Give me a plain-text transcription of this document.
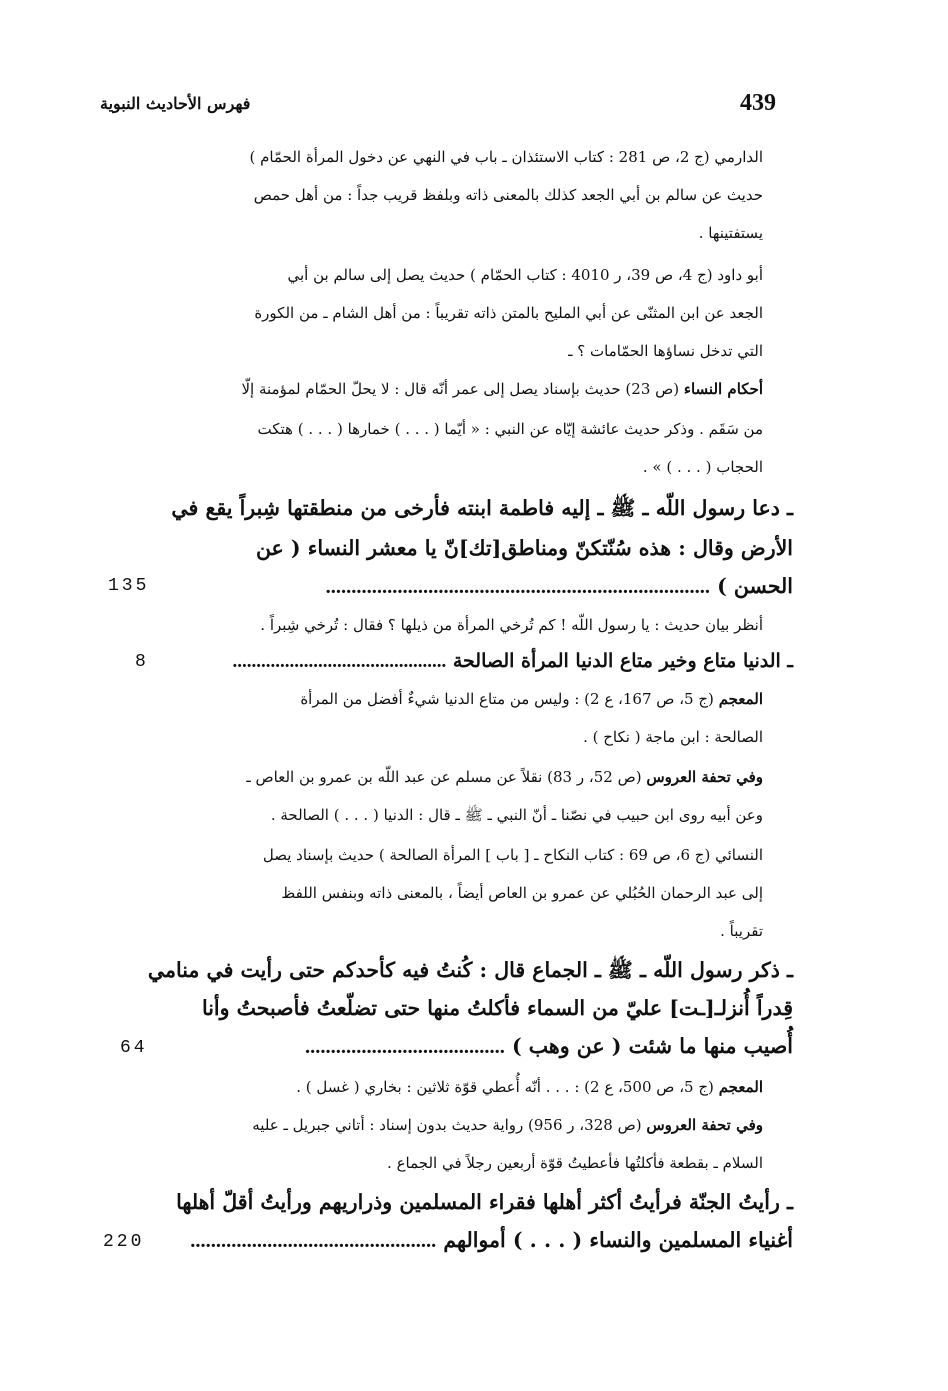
439
فهرس الأحاديث النبوية
الدارمي (ج 2، ص 281 : كتاب الاستئذان ـ باب في النهي عن دخول المرأة الحمّام )
حديث عن سالم بن أبي الجعد كذلك بالمعنى ذاته وبلفظ قريب جداً : من أهل حمص
يستفتينها .
أبو داود (ج 4، ص 39، ر 4010 : كتاب الحمّام ) حديث يصل إلى سالم بن أبي
الجعد عن ابن المثنّى عن أبي المليح بالمتن ذاته تقريباً : من أهل الشام ـ من الكورة
التي تدخل نساؤها الحمّامات ؟ ـ
أحكام النساء (ص 23) حديث بإسناد يصل إلى عمر أنّه قال : لا يحلّ الحمّام لمؤمنة إلّا
من سَقَم . وذكر حديث عائشة إيّاه عن النبي : « أيّما ( . . . ) خمارها ( . . . ) هتكت
الحجاب ( . . . ) » .
ـ دعا رسول اللّه ـ ﷺ ـ إليه فاطمة ابنته فأرخى من منطقتها شِبراً يقع في
الأرض وقال : هذه سُنّتكنّ ومناطق[تك]نّ يا معشر النساء ( عن
الحسن ) ...........................................................................
135
أنظر بيان حديث : يا رسول اللّه ! كم تُرخي المرأة من ذيلها ؟ فقال : تُرخي شِبراً .
ـ الدنيا متاع وخير متاع الدنيا المرأة الصالحة .............................................
8
المعجم (ج 5، ص 167، ع 2) : وليس من متاع الدنيا شيءٌ أفضل من المرأة
الصالحة : ابن ماجة ( نكاح ) .
وفي تحفة العروس (ص 52، ر 83) نقلاً عن مسلم عن عبد اللّه بن عمرو بن العاص ـ
وعن أبيه روى ابن حبيب في نصّنا ـ أنّ النبي ـ ﷺ ـ قال : الدنيا ( . . . ) الصالحة .
النسائي (ج 6، ص 69 : كتاب النكاح ـ [ باب ] المرأة الصالحة ) حديث بإسناد يصل
إلى عبد الرحمان الحُبُلي عن عمرو بن العاص أيضاً ، بالمعنى ذاته وبنفس اللفظ
تقريباً .
ـ ذكر رسول اللّه ـ ﷺ ـ الجماع قال : كُنتُ فيه كأحدكم حتى رأيت في منامي
قِدراً أُنزلـ[ـت] عليّ من السماء فأكلتُ منها حتى تضلّعتُ فأصبحتُ وأنا
أُصيب منها ما شئت ( عن وهب ) .......................................
64
المعجم (ج 5، ص 500، ع 2) : . . . أنّه أُعطي قوّة ثلاثين : بخاري ( غسل ) .
وفي تحفة العروس (ص 328، ر 956) رواية حديث بدون إسناد : أتاني جبريل ـ عليه
السلام ـ بقطعة فأكلتُها فأعطيتُ قوّة أربعين رجلاً في الجماع .
ـ رأيتُ الجنّة فرأيتُ أكثر أهلها فقراء المسلمين وذراريهم ورأيتُ أقلّ أهلها
أغنياء المسلمين والنساء ( . . . ) أموالهم ................................................
220
